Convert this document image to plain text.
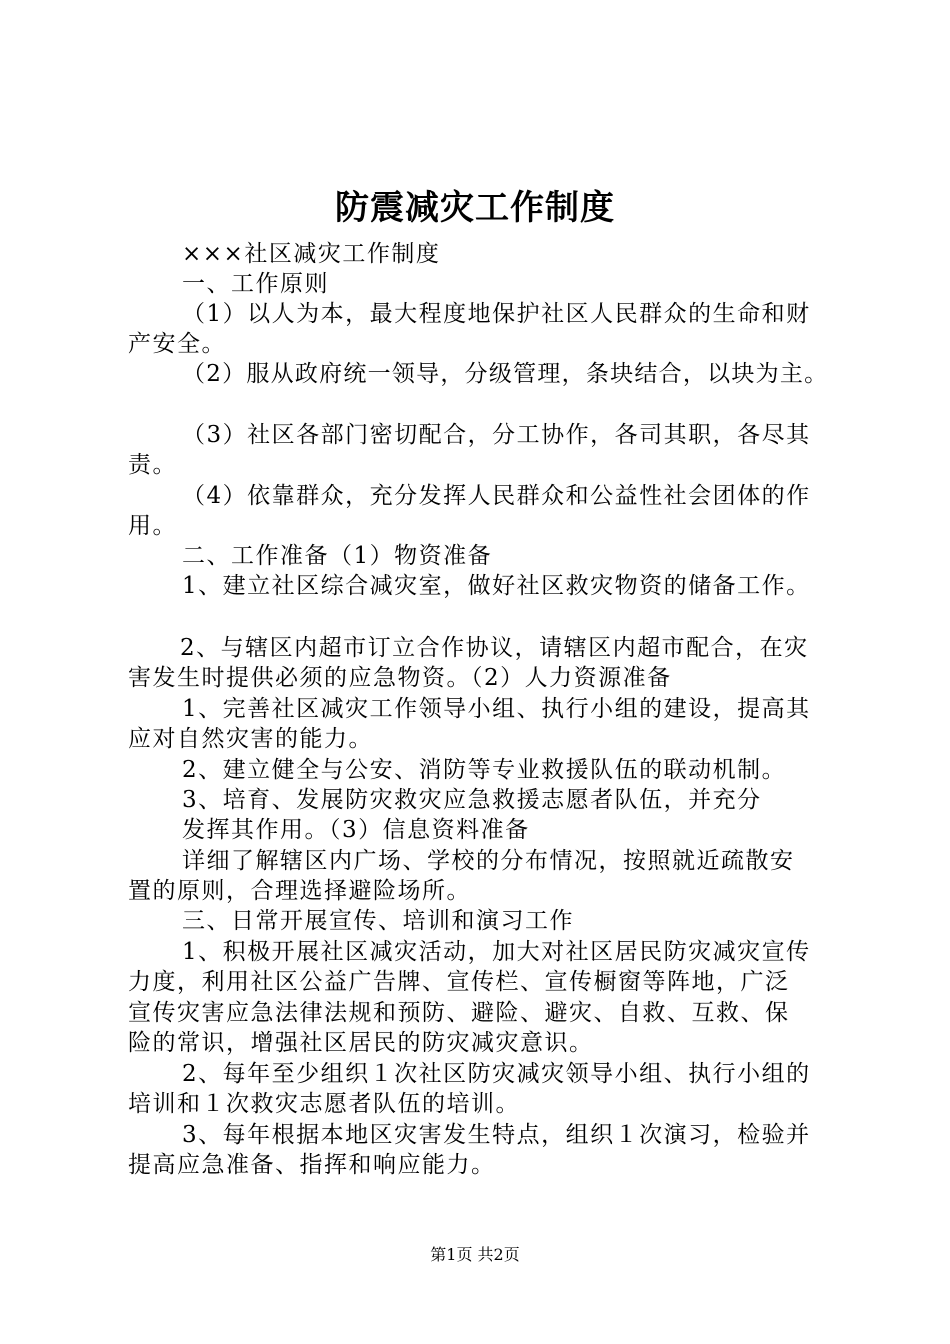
防震减灾工作制度
×××社区减灾工作制度
一、工作原则
（1）以人为本，最大程度地保护社区人民群众的生命和财
产安全。
（2）服从政府统一领导，分级管理，条块结合，以块为主。
（3）社区各部门密切配合，分工协作，各司其职，各尽其
责。
（4）依靠群众，充分发挥人民群众和公益性社会团体的作
用。
二、工作准备（1）物资准备
1、建立社区综合减灾室，做好社区救灾物资的储备工作。
2、与辖区内超市订立合作协议，请辖区内超市配合，在灾
害发生时提供必须的应急物资。（2）人力资源准备
1、完善社区减灾工作领导小组、执行小组的建设，提高其
应对自然灾害的能力。
2、建立健全与公安、消防等专业救援队伍的联动机制。
3、培育、发展防灾救灾应急救援志愿者队伍，并充分
发挥其作用。（3）信息资料准备
详细了解辖区内广场、学校的分布情况，按照就近疏散安
置的原则，合理选择避险场所。
三、日常开展宣传、培训和演习工作
1、积极开展社区减灾活动，加大对社区居民防灾减灾宣传
力度，利用社区公益广告牌、宣传栏、宣传橱窗等阵地，广泛
宣传灾害应急法律法规和预防、避险、避灾、自救、互救、保
险的常识，增强社区居民的防灾减灾意识。
2、每年至少组织１次社区防灾减灾领导小组、执行小组的
培训和１次救灾志愿者队伍的培训。
3、每年根据本地区灾害发生特点，组织１次演习，检验并
提高应急准备、指挥和响应能力。
第1页 共2页
